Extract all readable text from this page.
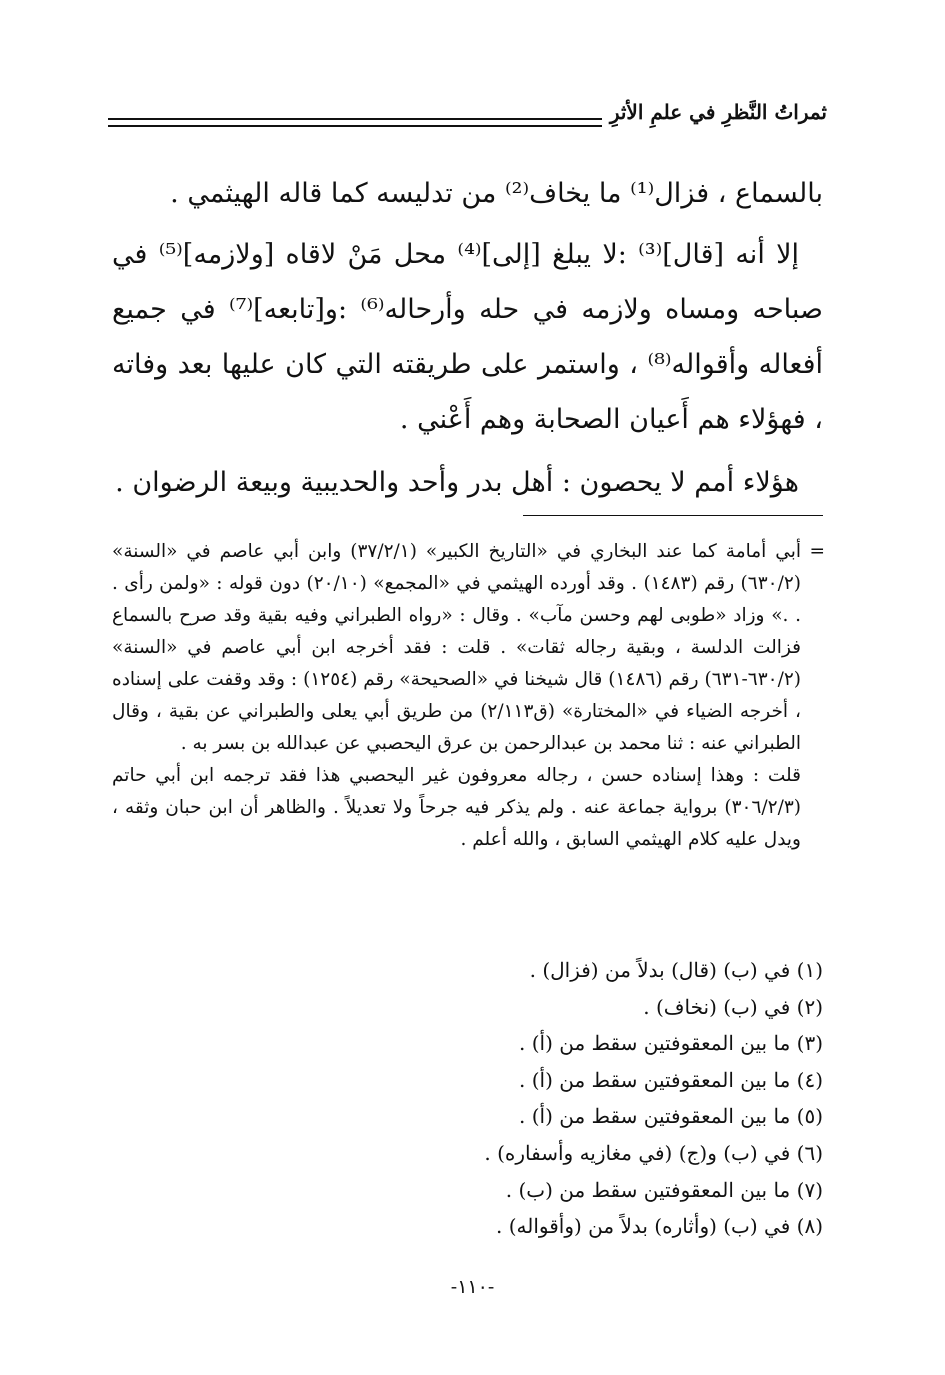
ثمراتُ النَّظرِ في علمِ الأثرِ

بالسماع ، فزال⁽¹⁾ ما يخاف⁽²⁾ من تدليسه كما قاله الهيثمي .

إلا أنه [قال]⁽³⁾ :لا يبلغ [إلى]⁽⁴⁾ محل مَنْ لاقاه [ولازمه]⁽⁵⁾ في صباحه ومساه ولازمه في حله وأرحاله⁽⁶⁾ :و[تابعه]⁽⁷⁾ في جميع أفعاله وأقواله⁽⁸⁾ ، واستمر على طريقته التي كان عليها بعد وفاته ، فهؤلاء هم أَعيان الصحابة وهم أَعْني .

هؤلاء أمم لا يحصون : أهل بدر وأحد والحديبية وبيعة الرضوان .

=

أبي أمامة كما عند البخاري في «التاريخ الكبير» (٣٧/٢/١) وابن أبي عاصم في «السنة» (٦٣٠/٢) رقم (١٤٨٣) . وقد أورده الهيثمي في «المجمع» (٢٠/١٠) دون قوله : «ولمن رأى . . .» وزاد «طوبى لهم وحسن مآب» . وقال : «رواه الطبراني وفيه بقية وقد صرح بالسماع فزالت الدلسة ، وبقية رجاله ثقات» . قلت : فقد أخرجه ابن أبي عاصم في «السنة» (٦٣٠/٢-٦٣١) رقم (١٤٨٦) قال شيخنا في «الصحيحة» رقم (١٢٥٤) : وقد وقفت على إسناده ، أخرجه الضياء في «المختارة» (ق٢/١١٣) من طريق أبي يعلى والطبراني عن بقية ، وقال الطبراني عنه : ثنا محمد بن عبدالرحمن بن عرق اليحصبي عن عبدالله بن بسر به .

قلت : وهذا إسناده حسن ، رجاله معروفون غير اليحصبي هذا فقد ترجمه ابن أبي حاتم (٣٠٦/٢/٣) برواية جماعة عنه . ولم يذكر فيه جرحاً ولا تعديلاً . والظاهر أن ابن حبان وثقه ، ويدل عليه كلام الهيثمي السابق ، والله أعلم .

(١) في (ب) (قال) بدلاً من (فزال) .
(٢) في (ب) (نخاف) .
(٣) ما بين المعقوفتين سقط من (أ) .
(٤) ما بين المعقوفتين سقط من (أ) .
(٥) ما بين المعقوفتين سقط من (أ) .
(٦) في (ب) و(ج) (في مغازيه وأسفاره) .
(٧) ما بين المعقوفتين سقط من (ب) .
(٨) في (ب) (وأثاره) بدلاً من (وأقواله) .
-١١٠-
